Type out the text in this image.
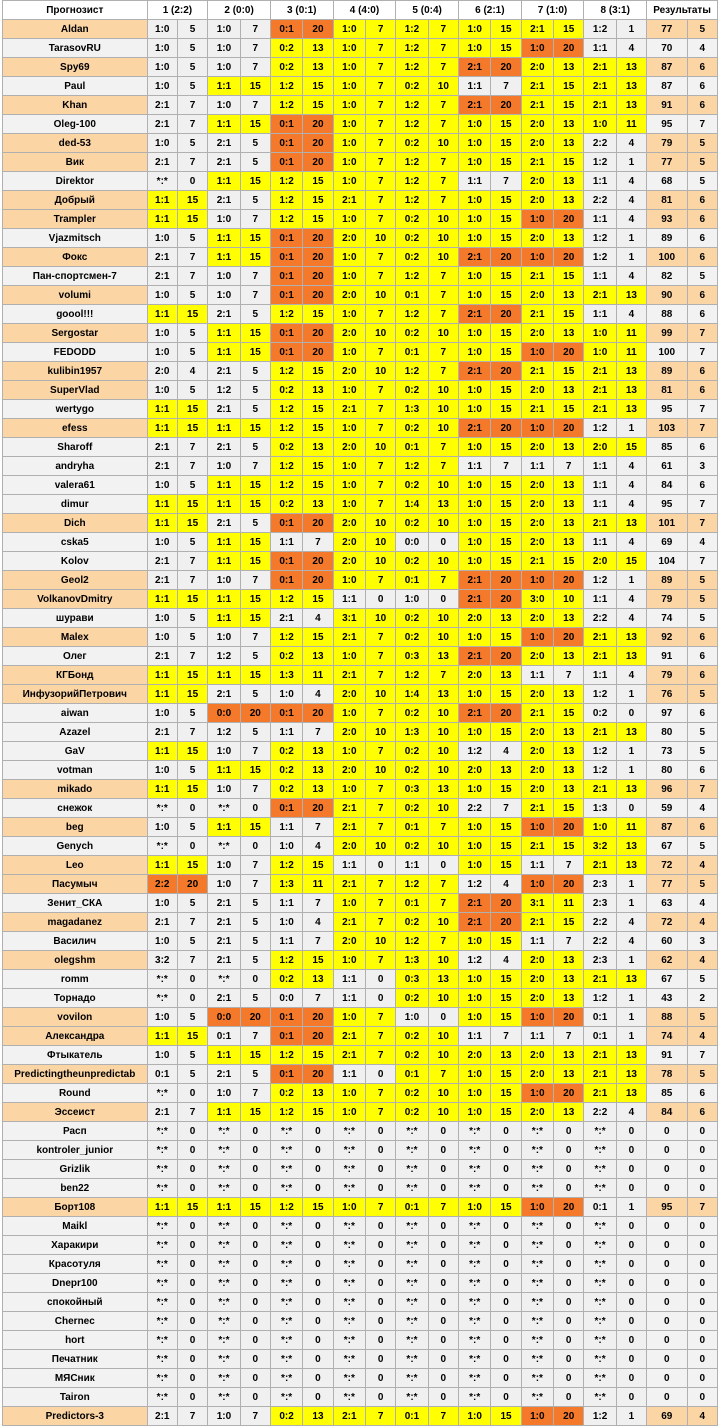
Прогнозист	1 (2:2)		2 (0:0)		3 (0:1)		4 (4:0)		5 (0:4)		6 (2:1)		7 (1:0)		8 (3:1)		Результаты	
Aldan	1:0	5	1:0	7	0:1	20	1:0	7	1:2	7	1:0	15	2:1	15	1:2	1	77	5
TarasovRU	1:0	5	1:0	7	0:2	13	1:0	7	1:2	7	1:0	15	1:0	20	1:1	4	70	4
Spy69	1:0	5	1:0	7	0:2	13	1:0	7	1:2	7	2:1	20	2:0	13	2:1	13	87	6
Paul	1:0	5	1:1	15	1:2	15	1:0	7	0:2	10	1:1	7	2:1	15	2:1	13	87	6
Khan	2:1	7	1:0	7	1:2	15	1:0	7	1:2	7	2:1	20	2:1	15	2:1	13	91	6
Oleg-100	2:1	7	1:1	15	0:1	20	1:0	7	1:2	7	1:0	15	2:0	13	1:0	11	95	7
ded-53	1:0	5	2:1	5	0:1	20	1:0	7	0:2	10	1:0	15	2:0	13	2:2	4	79	5
Вик	2:1	7	2:1	5	0:1	20	1:0	7	1:2	7	1:0	15	2:1	15	1:2	1	77	5
Direktor	*:*	0	1:1	15	1:2	15	1:0	7	1:2	7	1:1	7	2:0	13	1:1	4	68	5
Добрый	1:1	15	2:1	5	1:2	15	2:1	7	1:2	7	1:0	15	2:0	13	2:2	4	81	6
Trampler	1:1	15	1:0	7	1:2	15	1:0	7	0:2	10	1:0	15	1:0	20	1:1	4	93	6
Vjazmitsch	1:0	5	1:1	15	0:1	20	2:0	10	0:2	10	1:0	15	2:0	13	1:2	1	89	6
Фокс	2:1	7	1:1	15	0:1	20	1:0	7	0:2	10	2:1	20	1:0	20	1:2	1	100	6
Пан-спортсмен-7	2:1	7	1:0	7	0:1	20	1:0	7	1:2	7	1:0	15	2:1	15	1:1	4	82	5
volumi	1:0	5	1:0	7	0:1	20	2:0	10	0:1	7	1:0	15	2:0	13	2:1	13	90	6
goool!!!	1:1	15	2:1	5	1:2	15	1:0	7	1:2	7	2:1	20	2:1	15	1:1	4	88	6
Sergostar	1:0	5	1:1	15	0:1	20	2:0	10	0:2	10	1:0	15	2:0	13	1:0	11	99	7
FEDODD	1:0	5	1:1	15	0:1	20	1:0	7	0:1	7	1:0	15	1:0	20	1:0	11	100	7
kulibin1957	2:0	4	2:1	5	1:2	15	2:0	10	1:2	7	2:1	20	2:1	15	2:1	13	89	6
SuperVlad	1:0	5	1:2	5	0:2	13	1:0	7	0:2	10	1:0	15	2:0	13	2:1	13	81	6
wertygo	1:1	15	2:1	5	1:2	15	2:1	7	1:3	10	1:0	15	2:1	15	2:1	13	95	7
efess	1:1	15	1:1	15	1:2	15	1:0	7	0:2	10	2:1	20	1:0	20	1:2	1	103	7
Sharoff	2:1	7	2:1	5	0:2	13	2:0	10	0:1	7	1:0	15	2:0	13	2:0	15	85	6
andryha	2:1	7	1:0	7	1:2	15	1:0	7	1:2	7	1:1	7	1:1	7	1:1	4	61	3
valera61	1:0	5	1:1	15	1:2	15	1:0	7	0:2	10	1:0	15	2:0	13	1:1	4	84	6
dimur	1:1	15	1:1	15	0:2	13	1:0	7	1:4	13	1:0	15	2:0	13	1:1	4	95	7
Dich	1:1	15	2:1	5	0:1	20	2:0	10	0:2	10	1:0	15	2:0	13	2:1	13	101	7
cska5	1:0	5	1:1	15	1:1	7	2:0	10	0:0	0	1:0	15	2:0	13	1:1	4	69	4
Kolov	2:1	7	1:1	15	0:1	20	2:0	10	0:2	10	1:0	15	2:1	15	2:0	15	104	7
Geol2	2:1	7	1:0	7	0:1	20	1:0	7	0:1	7	2:1	20	1:0	20	1:2	1	89	5
VolkanovDmitry	1:1	15	1:1	15	1:2	15	1:1	0	1:0	0	2:1	20	3:0	10	1:1	4	79	5
шурави	1:0	5	1:1	15	2:1	4	3:1	10	0:2	10	2:0	13	2:0	13	2:2	4	74	5
Malex	1:0	5	1:0	7	1:2	15	2:1	7	0:2	10	1:0	15	1:0	20	2:1	13	92	6
Олег	2:1	7	1:2	5	0:2	13	1:0	7	0:3	13	2:1	20	2:0	13	2:1	13	91	6
КГБонд	1:1	15	1:1	15	1:3	11	2:1	7	1:2	7	2:0	13	1:1	7	1:1	4	79	6
ИнфузорийПетрович	1:1	15	2:1	5	1:0	4	2:0	10	1:4	13	1:0	15	2:0	13	1:2	1	76	5
aiwan	1:0	5	0:0	20	0:1	20	1:0	7	0:2	10	2:1	20	2:1	15	0:2	0	97	6
Azazel	2:1	7	1:2	5	1:1	7	2:0	10	1:3	10	1:0	15	2:0	13	2:1	13	80	5
GaV	1:1	15	1:0	7	0:2	13	1:0	7	0:2	10	1:2	4	2:0	13	1:2	1	73	5
votman	1:0	5	1:1	15	0:2	13	2:0	10	0:2	10	2:0	13	2:0	13	1:2	1	80	6
mikado	1:1	15	1:0	7	0:2	13	1:0	7	0:3	13	1:0	15	2:0	13	2:1	13	96	7
снежок	*:*	0	*:*	0	0:1	20	2:1	7	0:2	10	2:2	7	2:1	15	1:3	0	59	4
beg	1:0	5	1:1	15	1:1	7	2:1	7	0:1	7	1:0	15	1:0	20	1:0	11	87	6
Genych	*:*	0	*:*	0	1:0	4	2:0	10	0:2	10	1:0	15	2:1	15	3:2	13	67	5
Leo	1:1	15	1:0	7	1:2	15	1:1	0	1:1	0	1:0	15	1:1	7	2:1	13	72	4
Пасумыч	2:2	20	1:0	7	1:3	11	2:1	7	1:2	7	1:2	4	1:0	20	2:3	1	77	5
Зенит_СКА	1:0	5	2:1	5	1:1	7	1:0	7	0:1	7	2:1	20	3:1	11	2:3	1	63	4
magadanez	2:1	7	2:1	5	1:0	4	2:1	7	0:2	10	2:1	20	2:1	15	2:2	4	72	4
Василич	1:0	5	2:1	5	1:1	7	2:0	10	1:2	7	1:0	15	1:1	7	2:2	4	60	3
olegshm	3:2	7	2:1	5	1:2	15	1:0	7	1:3	10	1:2	4	2:0	13	2:3	1	62	4
romm	*:*	0	*:*	0	0:2	13	1:1	0	0:3	13	1:0	15	2:0	13	2:1	13	67	5
Торнадо	*:*	0	2:1	5	0:0	7	1:1	0	0:2	10	1:0	15	2:0	13	1:2	1	43	2
vovilon	1:0	5	0:0	20	0:1	20	1:0	7	1:0	0	1:0	15	1:0	20	0:1	1	88	5
Александра	1:1	15	0:1	7	0:1	20	2:1	7	0:2	10	1:1	7	1:1	7	0:1	1	74	4
Фтыкатель	1:0	5	1:1	15	1:2	15	2:1	7	0:2	10	2:0	13	2:0	13	2:1	13	91	7
Predictingtheunpredictab	0:1	5	2:1	5	0:1	20	1:1	0	0:1	7	1:0	15	2:0	13	2:1	13	78	5
Round	*:*	0	1:0	7	0:2	13	1:0	7	0:2	10	1:0	15	1:0	20	2:1	13	85	6
Эссеист	2:1	7	1:1	15	1:2	15	1:0	7	0:2	10	1:0	15	2:0	13	2:2	4	84	6
Расп	*:*	0	*:*	0	*:*	0	*:*	0	*:*	0	*:*	0	*:*	0	*:*	0	0	0
kontroler_junior	*:*	0	*:*	0	*:*	0	*:*	0	*:*	0	*:*	0	*:*	0	*:*	0	0	0
Grizlik	*:*	0	*:*	0	*:*	0	*:*	0	*:*	0	*:*	0	*:*	0	*:*	0	0	0
ben22	*:*	0	*:*	0	*:*	0	*:*	0	*:*	0	*:*	0	*:*	0	*:*	0	0	0
Борт108	1:1	15	1:1	15	1:2	15	1:0	7	0:1	7	1:0	15	1:0	20	0:1	1	95	7
Maikl	*:*	0	*:*	0	*:*	0	*:*	0	*:*	0	*:*	0	*:*	0	*:*	0	0	0
Харакири	*:*	0	*:*	0	*:*	0	*:*	0	*:*	0	*:*	0	*:*	0	*:*	0	0	0
Красотуля	*:*	0	*:*	0	*:*	0	*:*	0	*:*	0	*:*	0	*:*	0	*:*	0	0	0
Dnepr100	*:*	0	*:*	0	*:*	0	*:*	0	*:*	0	*:*	0	*:*	0	*:*	0	0	0
спокойный	*:*	0	*:*	0	*:*	0	*:*	0	*:*	0	*:*	0	*:*	0	*:*	0	0	0
Chernec	*:*	0	*:*	0	*:*	0	*:*	0	*:*	0	*:*	0	*:*	0	*:*	0	0	0
hort	*:*	0	*:*	0	*:*	0	*:*	0	*:*	0	*:*	0	*:*	0	*:*	0	0	0
Печатник	*:*	0	*:*	0	*:*	0	*:*	0	*:*	0	*:*	0	*:*	0	*:*	0	0	0
МЯСник	*:*	0	*:*	0	*:*	0	*:*	0	*:*	0	*:*	0	*:*	0	*:*	0	0	0
Tairon	*:*	0	*:*	0	*:*	0	*:*	0	*:*	0	*:*	0	*:*	0	*:*	0	0	0
Predictors-3	2:1	7	1:0	7	0:2	13	2:1	7	0:1	7	1:0	15	1:0	20	1:2	1	69	4
